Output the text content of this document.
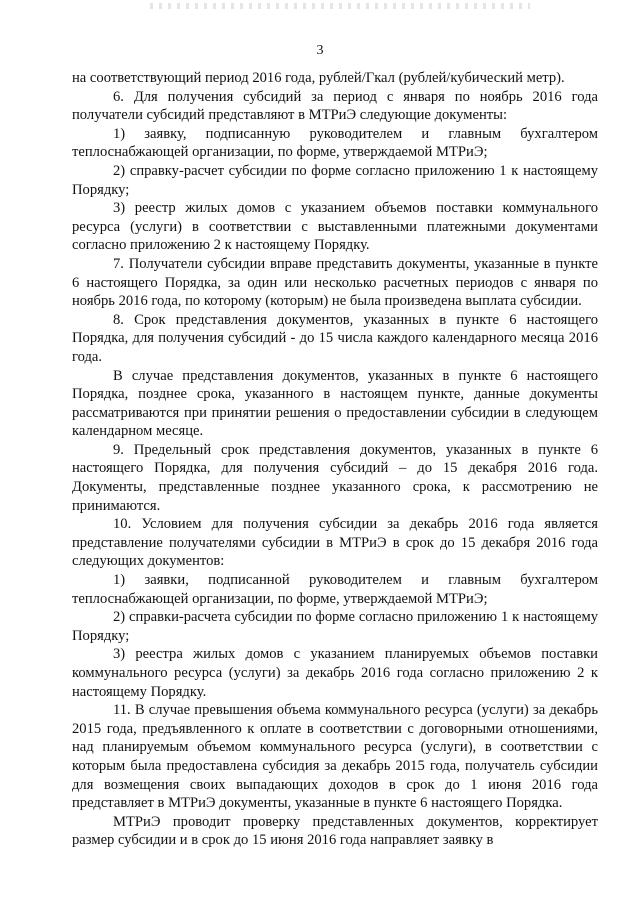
3

на соответствующий период 2016 года, рублей/Гкал (рублей/кубический метр).

6. Для получения субсидий за период с января по ноябрь 2016 года получатели субсидий представляют в МТРиЭ следующие документы:

1) заявку, подписанную руководителем и главным бухгалтером теплоснабжающей организации, по форме, утверждаемой МТРиЭ;

2) справку-расчет субсидии по форме согласно приложению 1 к настоящему Порядку;

3) реестр жилых домов с указанием объемов поставки коммунального ресурса (услуги) в соответствии с выставленными платежными документами согласно приложению 2 к настоящему Порядку.

7. Получатели субсидии вправе представить документы, указанные в пункте 6 настоящего Порядка, за один или несколько расчетных периодов с января по ноябрь 2016 года, по которому (которым) не была произведена выплата субсидии.

8. Срок представления документов, указанных в пункте 6 настоящего Порядка, для получения субсидий - до 15 числа каждого календарного месяца 2016 года.

В случае представления документов, указанных в пункте 6 настоящего Порядка, позднее срока, указанного в настоящем пункте, данные документы рассматриваются при принятии решения о предоставлении субсидии в следующем календарном месяце.

9. Предельный срок представления документов, указанных в пункте 6 настоящего Порядка, для получения субсидий – до 15 декабря 2016 года. Документы, представленные позднее указанного срока, к рассмотрению не принимаются.

10. Условием для получения субсидии за декабрь 2016 года является представление получателями субсидии в МТРиЭ в срок до 15 декабря 2016 года следующих документов:

1) заявки, подписанной руководителем и главным бухгалтером теплоснабжающей организации, по форме, утверждаемой МТРиЭ;

2) справки-расчета субсидии по форме согласно приложению 1 к настоящему Порядку;

3) реестра жилых домов с указанием планируемых объемов поставки коммунального ресурса (услуги) за декабрь 2016 года согласно приложению 2 к настоящему Порядку.

11. В случае превышения объема коммунального ресурса (услуги) за декабрь 2015 года, предъявленного к оплате в соответствии с договорными отношениями, над планируемым объемом коммунального ресурса (услуги), в соответствии с которым была предоставлена субсидия за декабрь 2015 года, получатель субсидии для возмещения своих выпадающих доходов в срок до 1 июня 2016 года представляет в МТРиЭ документы, указанные в пункте 6 настоящего Порядка.

МТРиЭ проводит проверку представленных документов, корректирует размер субсидии и в срок до 15 июня 2016 года направляет заявку в
